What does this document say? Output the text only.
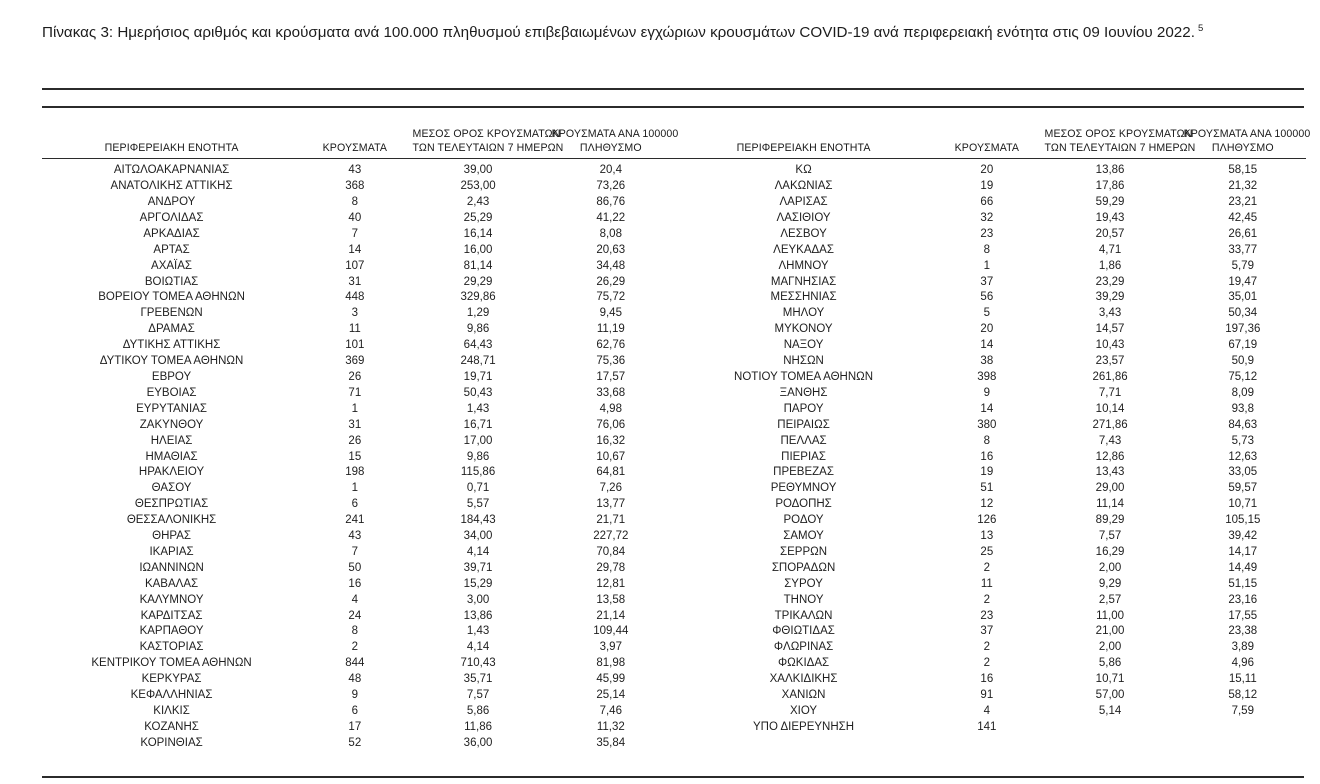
Πίνακας 3: Ημερήσιος αριθμός και κρούσματα ανά 100.000 πληθυσμού επιβεβαιωμένων εγχώριων κρουσμάτων COVID-19 ανά περιφερειακή ενότητα στις 09 Ιουνίου 2022. $^5$
ΠΕΡΙΦΕΡΕΙΑΚΗ ΕΝΟΤΗΤΑ	ΚΡΟΥΣΜΑΤΑ	ΜΕΣΟΣ ΟΡΟΣ ΚΡΟΥΣΜΑΤΩΝ
ΤΩΝ ΤΕΛΕΥΤΑΙΩΝ 7 ΗΜΕΡΩΝ	ΚΡΟΥΣΜΑΤΑ ΑΝΑ 100000
ΠΛΗΘΥΣΜΟ

ΑΙΤΩΛΟΑΚΑΡΝΑΝΙΑΣ	43	39,00	20,4
ΑΝΑΤΟΛΙΚΗΣ ΑΤΤΙΚΗΣ	368	253,00	73,26
ΑΝΔΡΟΥ	8	2,43	86,76
ΑΡΓΟΛΙΔΑΣ	40	25,29	41,22
ΑΡΚΑΔΙΑΣ	7	16,14	8,08
ΑΡΤΑΣ	14	16,00	20,63
ΑΧΑΪΑΣ	107	81,14	34,48
ΒΟΙΩΤΙΑΣ	31	29,29	26,29
ΒΟΡΕΙΟΥ ΤΟΜΕΑ ΑΘΗΝΩΝ	448	329,86	75,72
ΓΡΕΒΕΝΩΝ	3	1,29	9,45
ΔΡΑΜΑΣ	11	9,86	11,19
ΔΥΤΙΚΗΣ ΑΤΤΙΚΗΣ	101	64,43	62,76
ΔΥΤΙΚΟΥ ΤΟΜΕΑ ΑΘΗΝΩΝ	369	248,71	75,36
ΕΒΡΟΥ	26	19,71	17,57
ΕΥΒΟΙΑΣ	71	50,43	33,68
ΕΥΡΥΤΑΝΙΑΣ	1	1,43	4,98
ΖΑΚΥΝΘΟΥ	31	16,71	76,06
ΗΛΕΙΑΣ	26	17,00	16,32
ΗΜΑΘΙΑΣ	15	9,86	10,67
ΗΡΑΚΛΕΙΟΥ	198	115,86	64,81
ΘΑΣΟΥ	1	0,71	7,26
ΘΕΣΠΡΩΤΙΑΣ	6	5,57	13,77
ΘΕΣΣΑΛΟΝΙΚΗΣ	241	184,43	21,71
ΘΗΡΑΣ	43	34,00	227,72
ΙΚΑΡΙΑΣ	7	4,14	70,84
ΙΩΑΝΝΙΝΩΝ	50	39,71	29,78
ΚΑΒΑΛΑΣ	16	15,29	12,81
ΚΑΛΥΜΝΟΥ	4	3,00	13,58
ΚΑΡΔΙΤΣΑΣ	24	13,86	21,14
ΚΑΡΠΑΘΟΥ	8	1,43	109,44
ΚΑΣΤΟΡΙΑΣ	2	4,14	3,97
ΚΕΝΤΡΙΚΟΥ ΤΟΜΕΑ ΑΘΗΝΩΝ	844	710,43	81,98
ΚΕΡΚΥΡΑΣ	48	35,71	45,99
ΚΕΦΑΛΛΗΝΙΑΣ	9	7,57	25,14
ΚΙΛΚΙΣ	6	5,86	7,46
ΚΟΖΑΝΗΣ	17	11,86	11,32
ΚΟΡΙΝΘΙΑΣ	52	36,00	35,84
ΠΕΡΙΦΕΡΕΙΑΚΗ ΕΝΟΤΗΤΑ	ΚΡΟΥΣΜΑΤΑ	ΜΕΣΟΣ ΟΡΟΣ ΚΡΟΥΣΜΑΤΩΝ
ΤΩΝ ΤΕΛΕΥΤΑΙΩΝ 7 ΗΜΕΡΩΝ	ΚΡΟΥΣΜΑΤΑ ΑΝΑ 100000
ΠΛΗΘΥΣΜΟ

ΚΩ	20	13,86	58,15
ΛΑΚΩΝΙΑΣ	19	17,86	21,32
ΛΑΡΙΣΑΣ	66	59,29	23,21
ΛΑΣΙΘΙΟΥ	32	19,43	42,45
ΛΕΣΒΟΥ	23	20,57	26,61
ΛΕΥΚΑΔΑΣ	8	4,71	33,77
ΛΗΜΝΟΥ	1	1,86	5,79
ΜΑΓΝΗΣΙΑΣ	37	23,29	19,47
ΜΕΣΣΗΝΙΑΣ	56	39,29	35,01
ΜΗΛΟΥ	5	3,43	50,34
ΜΥΚΟΝΟΥ	20	14,57	197,36
ΝΑΞΟΥ	14	10,43	67,19
ΝΗΣΩΝ	38	23,57	50,9
ΝΟΤΙΟΥ ΤΟΜΕΑ ΑΘΗΝΩΝ	398	261,86	75,12
ΞΑΝΘΗΣ	9	7,71	8,09
ΠΑΡΟΥ	14	10,14	93,8
ΠΕΙΡΑΙΩΣ	380	271,86	84,63
ΠΕΛΛΑΣ	8	7,43	5,73
ΠΙΕΡΙΑΣ	16	12,86	12,63
ΠΡΕΒΕΖΑΣ	19	13,43	33,05
ΡΕΘΥΜΝΟΥ	51	29,00	59,57
ΡΟΔΟΠΗΣ	12	11,14	10,71
ΡΟΔΟΥ	126	89,29	105,15
ΣΑΜΟΥ	13	7,57	39,42
ΣΕΡΡΩΝ	25	16,29	14,17
ΣΠΟΡΑΔΩΝ	2	2,00	14,49
ΣΥΡΟΥ	11	9,29	51,15
ΤΗΝΟΥ	2	2,57	23,16
ΤΡΙΚΑΛΩΝ	23	11,00	17,55
ΦΘΙΩΤΙΔΑΣ	37	21,00	23,38
ΦΛΩΡΙΝΑΣ	2	2,00	3,89
ΦΩΚΙΔΑΣ	2	5,86	4,96
ΧΑΛΚΙΔΙΚΗΣ	16	10,71	15,11
ΧΑΝΙΩΝ	91	57,00	58,12
ΧΙΟΥ	4	5,14	7,59
ΥΠΟ ΔΙΕΡΕΥΝΗΣΗ	141		
